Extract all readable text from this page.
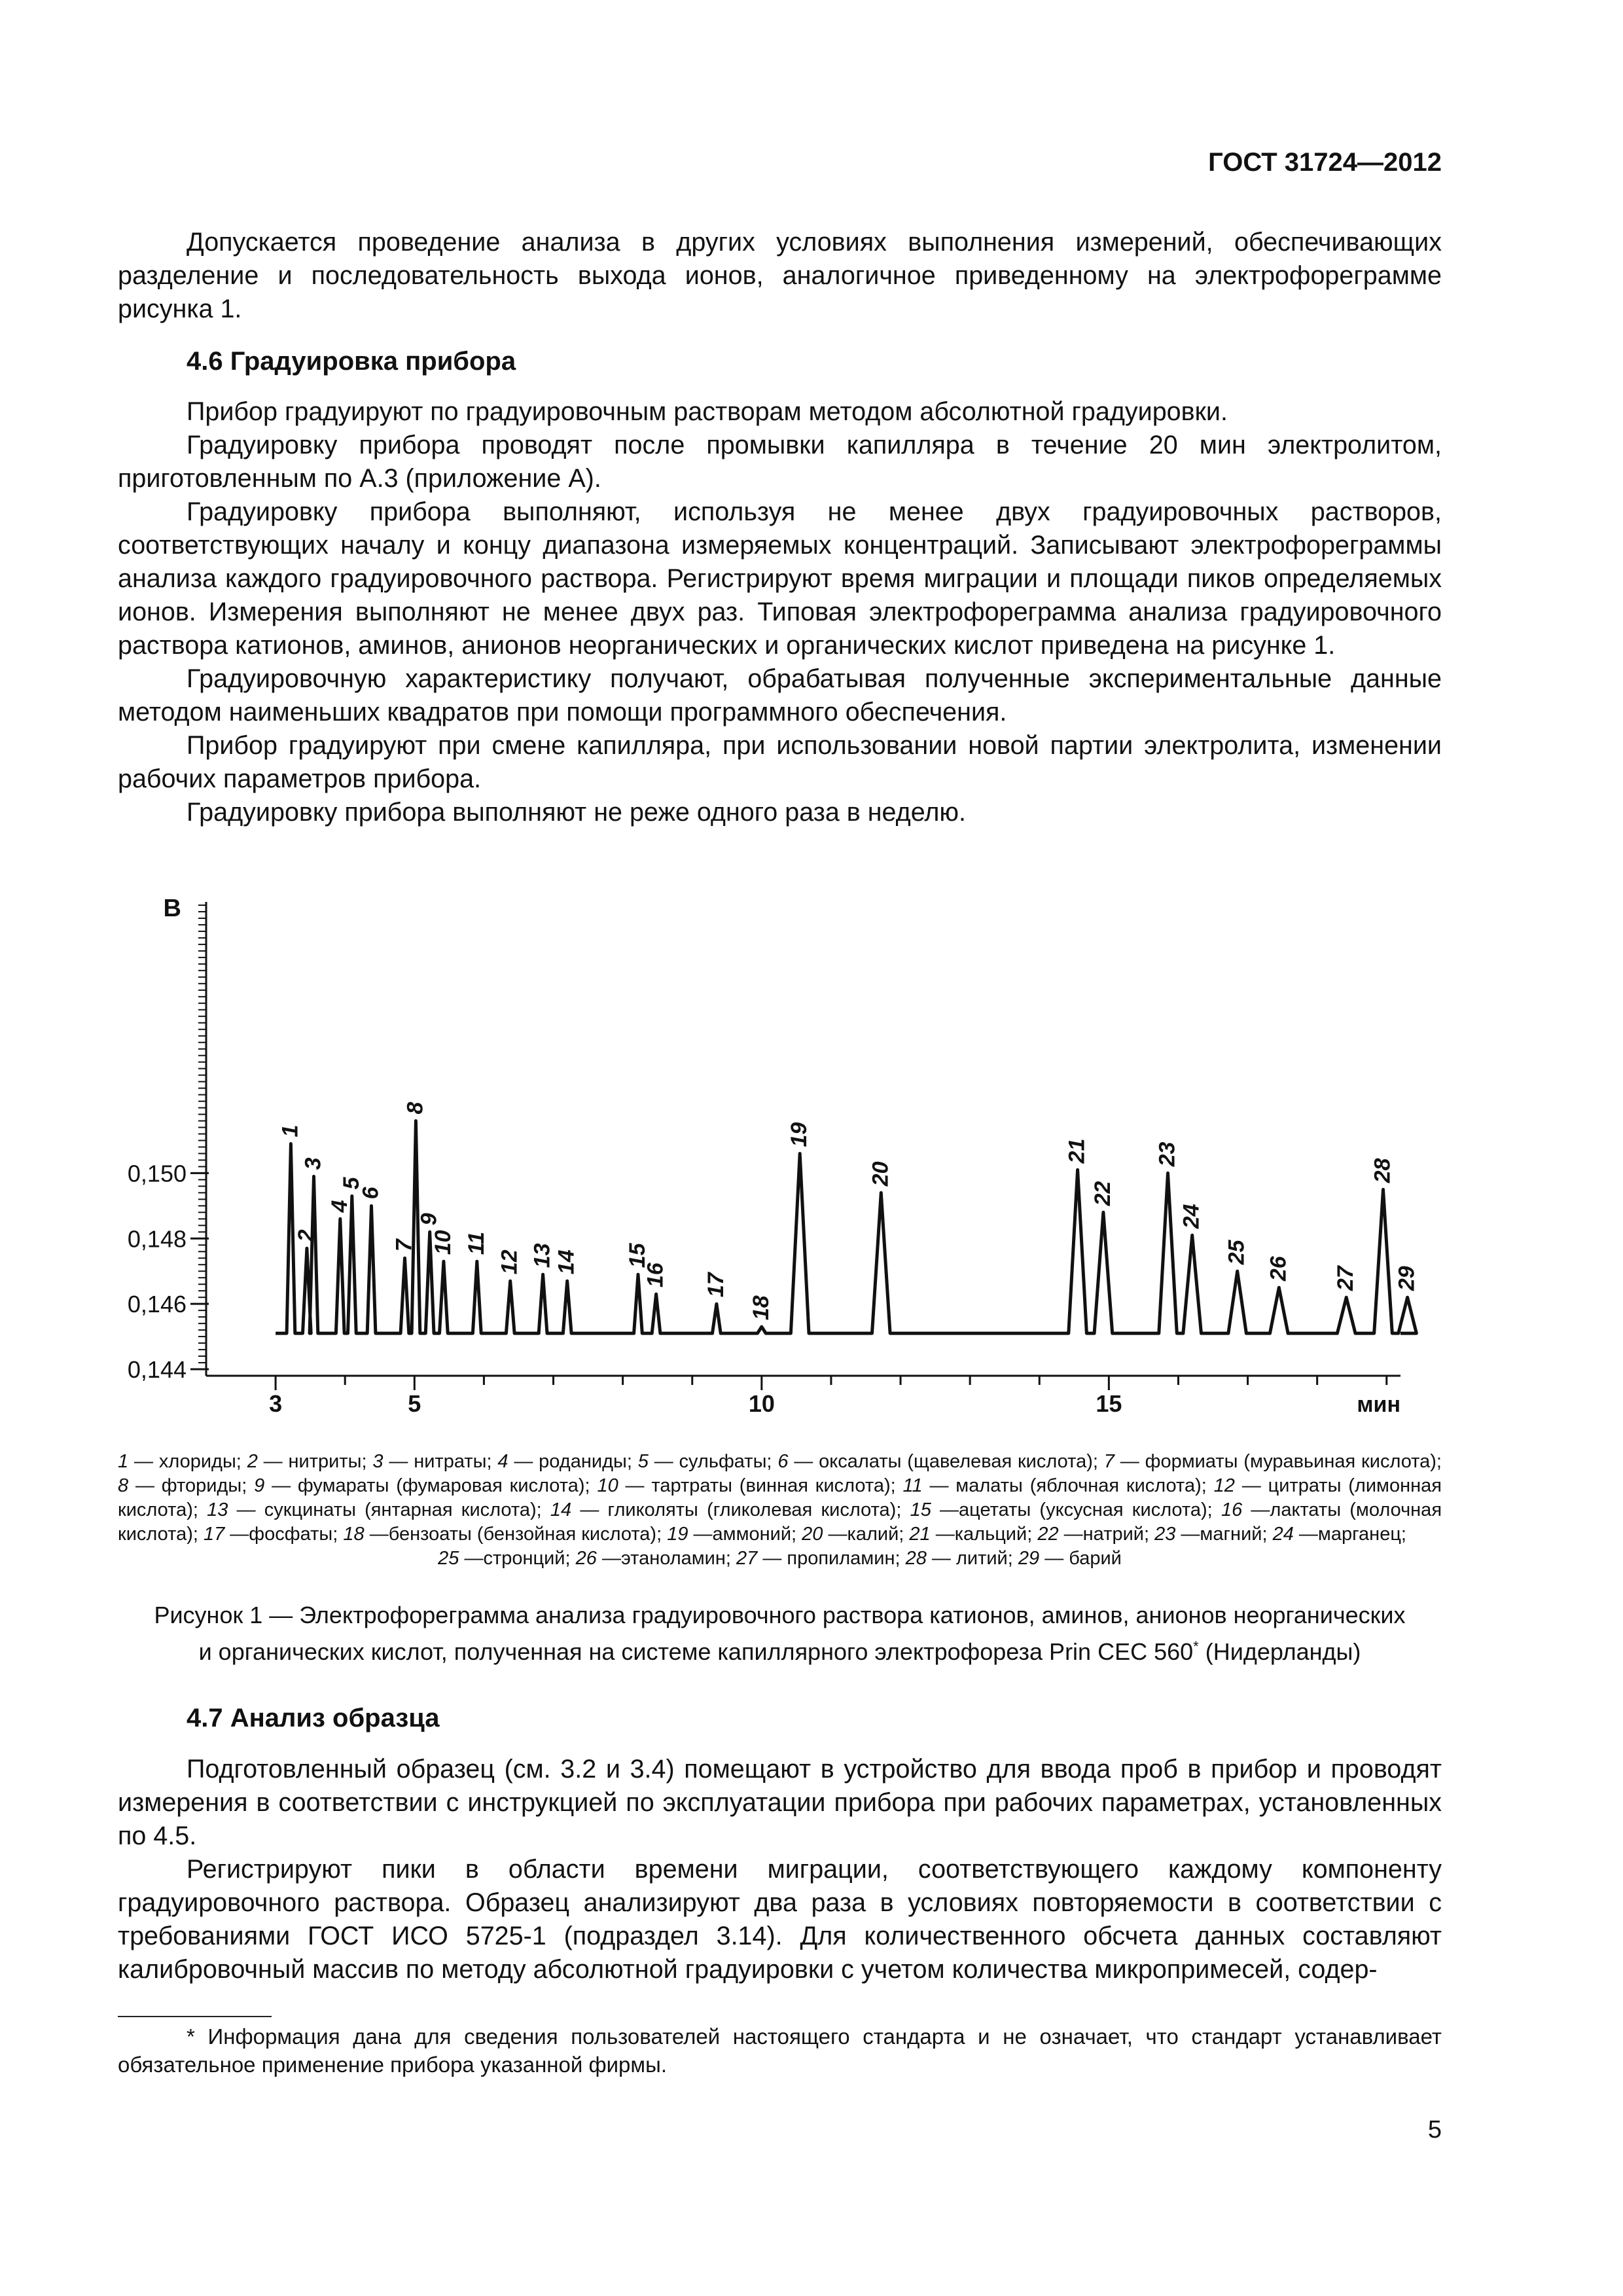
ГОСТ 31724—2012

Допускается проведение анализа в других условиях выполнения измерений, обеспечивающих разделение и последовательность выхода ионов, аналогичное приведенному на электрофореграмме рисунка 1.

4.6 Градуировка прибора

Прибор градуируют по градуировочным растворам методом абсолютной градуировки.

Градуировку прибора проводят после промывки капилляра в течение 20 мин электролитом, приготовленным по А.3 (приложение А).

Градуировку прибора выполняют, используя не менее двух градуировочных растворов, соответствующих началу и концу диапазона измеряемых концентраций. Записывают электрофореграммы анализа каждого градуировочного раствора. Регистрируют время миграции и площади пиков определяемых ионов. Измерения выполняют не менее двух раз. Типовая электрофореграмма анализа градуировочного раствора катионов, аминов, анионов неорганических и органических кислот приведена на рисунке 1.

Градуировочную характеристику получают, обрабатывая полученные экспериментальные данные методом наименьших квадратов при помощи программного обеспечения.

Прибор градуируют при смене капилляра, при использовании новой партии электролита, изменении рабочих параметров прибора.

Градуировку прибора выполняют не реже одного раза в неделю.

0,144
0,146
0,148
0,150
В
3	5	10	15	мин
1
2
3
4
5
6
7
8
9
10 11
12 13 14 15
16 17
18
19
20
21
22
23
24
25
26 27
28
29

1 — хлориды; 2 — нитриты; 3 — нитраты; 4 — роданиды; 5 — сульфаты; 6 — оксалаты (щавелевая кислота); 7 — формиаты (муравьиная кислота); 8 — фториды; 9 — фумараты (фумаровая кислота); 10 — тартраты (винная кислота); 11 — малаты (яблочная кислота); 12 — цитраты (лимонная кислота); 13 — сукцинаты (янтарная кислота); 14 — гликоляты (гликолевая кислота); 15 —ацетаты (уксусная кислота); 16 —лактаты (молочная кислота); 17 —фосфаты; 18 —бензоаты (бензойная кислота); 19 —аммоний; 20 —калий; 21 —кальций; 22 —натрий; 23 —магний; 24 —марганец;

25 —стронций; 26 —этаноламин; 27 — пропиламин; 28 — литий; 29 — барий

Рисунок 1 — Электрофореграмма анализа градуировочного раствора катионов, аминов, анионов неорганических
и органических кислот, полученная на системе капиллярного электрофореза Prin CEC 560* (Нидерланды)
4.7 Анализ образца

Подготовленный образец (см. 3.2 и 3.4) помещают в устройство для ввода проб в прибор и проводят измерения в соответствии с инструкцией по эксплуатации прибора при рабочих параметрах, установленных по 4.5.

Регистрируют пики в области времени миграции, соответствующего каждому компоненту градуировочного раствора. Образец анализируют два раза в условиях повторяемости в соответствии с требованиями ГОСТ ИСО 5725-1 (подраздел 3.14). Для количественного обсчета данных составляют калибровочный массив по методу абсолютной градуировки с учетом количества микропримесей, содер-

* Информация дана для сведения пользователей настоящего стандарта и не означает, что стандарт устанавливает обязательное применение прибора указанной фирмы.

5
